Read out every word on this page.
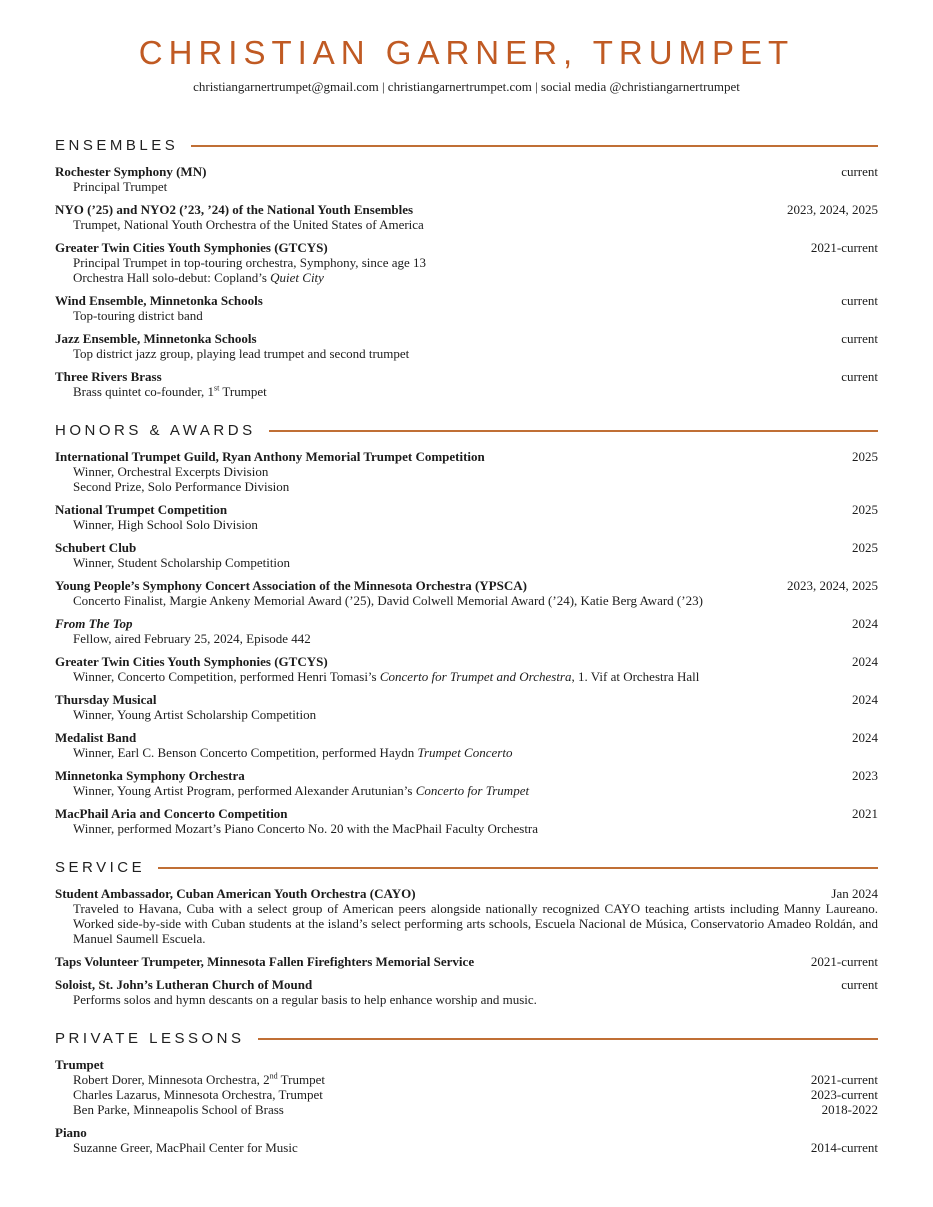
CHRISTIAN GARNER, TRUMPET
christiangarnertrumpet@gmail.com | christiangarnertrumpet.com | social media @christiangarnertrumpet
ENSEMBLES
Rochester Symphony (MN)	current
Principal Trumpet
NYO (’25) and NYO2 (’23, ’24) of the National Youth Ensembles	2023, 2024, 2025
Trumpet, National Youth Orchestra of the United States of America
Greater Twin Cities Youth Symphonies (GTCYS)	2021-current
Principal Trumpet in top-touring orchestra, Symphony, since age 13
Orchestra Hall solo-debut: Copland’s Quiet City
Wind Ensemble, Minnetonka Schools	current
Top-touring district band
Jazz Ensemble, Minnetonka Schools	current
Top district jazz group, playing lead trumpet and second trumpet
Three Rivers Brass	current
Brass quintet co-founder, 1st Trumpet
HONORS & AWARDS
International Trumpet Guild, Ryan Anthony Memorial Trumpet Competition	2025
Winner, Orchestral Excerpts Division
Second Prize, Solo Performance Division
National Trumpet Competition	2025
Winner, High School Solo Division
Schubert Club	2025
Winner, Student Scholarship Competition
Young People’s Symphony Concert Association of the Minnesota Orchestra (YPSCA)	2023, 2024, 2025
Concerto Finalist, Margie Ankeny Memorial Award (’25), David Colwell Memorial Award (’24), Katie Berg Award (’23)
From The Top	2024
Fellow, aired February 25, 2024, Episode 442
Greater Twin Cities Youth Symphonies (GTCYS)	2024
Winner, Concerto Competition, performed Henri Tomasi’s Concerto for Trumpet and Orchestra, 1. Vif at Orchestra Hall
Thursday Musical	2024
Winner, Young Artist Scholarship Competition
Medalist Band	2024
Winner, Earl C. Benson Concerto Competition, performed Haydn Trumpet Concerto
Minnetonka Symphony Orchestra	2023
Winner, Young Artist Program, performed Alexander Arutunian’s Concerto for Trumpet
MacPhail Aria and Concerto Competition	2021
Winner, performed Mozart’s Piano Concerto No. 20 with the MacPhail Faculty Orchestra
SERVICE
Student Ambassador, Cuban American Youth Orchestra (CAYO)	Jan 2024
Traveled to Havana, Cuba with a select group of American peers alongside nationally recognized CAYO teaching artists including Manny Laureano. Worked side-by-side with Cuban students at the island’s select performing arts schools, Escuela Nacional de Música, Conservatorio Amadeo Roldán, and Manuel Saumell Escuela.
Taps Volunteer Trumpeter, Minnesota Fallen Firefighters Memorial Service	2021-current
Soloist, St. John’s Lutheran Church of Mound	current
Performs solos and hymn descants on a regular basis to help enhance worship and music.
PRIVATE LESSONS
Trumpet
Robert Dorer, Minnesota Orchestra, 2nd Trumpet	2021-current
Charles Lazarus, Minnesota Orchestra, Trumpet	2023-current
Ben Parke, Minneapolis School of Brass	2018-2022
Piano
Suzanne Greer, MacPhail Center for Music	2014-current
